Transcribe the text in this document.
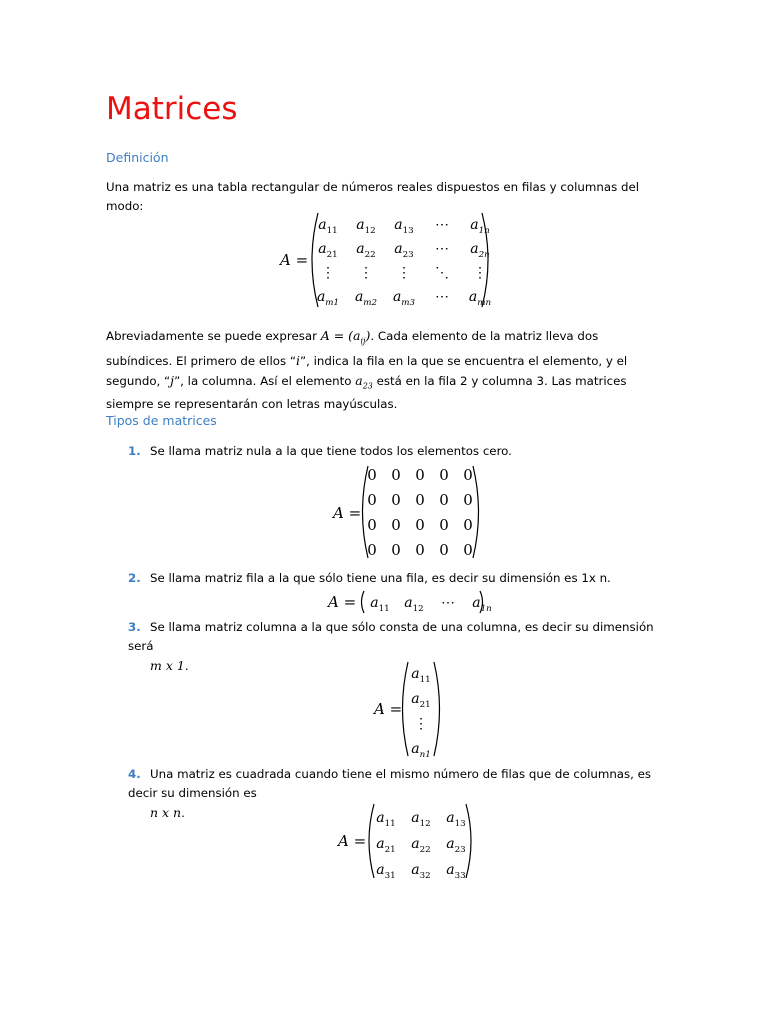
Matrices
Definición
Una matriz es una tabla rectangular de números reales dispuestos en filas y columnas del modo:
A =
$a_{11}$ $a_{12}$ $a_{13}$ ⋯ $a_{1n}$
$a_{21}$ $a_{22}$ $a_{23}$ ⋯ $a_{2n}$
⋮ ⋮ ⋮ ⋱ ⋮
$a_{m1}$ $a_{m2}$ $a_{m3}$ ⋯ $a_{mn}$
Abreviadamente se puede expresar $A = (a_{ij})$. Cada elemento de la matriz lleva dos subíndices. El primero de ellos “i”, indica la fila en la que se encuentra el elemento, y el segundo, “j”, la columna. Así el elemento $a_{23}$ está en la fila 2 y columna 3. Las matrices siempre se representarán con letras mayúsculas.
Tipos de matrices
1. Se llama matriz nula a la que tiene todos los elementos cero.
A =
0 0 0 0 0
0 0 0 0 0
0 0 0 0 0
0 0 0 0 0
2. Se llama matriz fila a la que sólo tiene una fila, es decir su dimensión es 1x n.
$A = a_{11}$ $a_{12}$ ⋯ $a_{1n}$
3. Se llama matriz columna a la que sólo consta de una columna, es decir su dimensión será
m x 1.
A =
$a_{11}$
$a_{21}$
⋮
$a_{n1}$
4. Una matriz es cuadrada cuando tiene el mismo número de filas que de columnas, es decir su dimensión es
n x n.
A =
$a_{11}$ $a_{12}$ $a_{13}$
$a_{21}$ $a_{22}$ $a_{23}$
$a_{31}$ $a_{32}$ $a_{33}$
